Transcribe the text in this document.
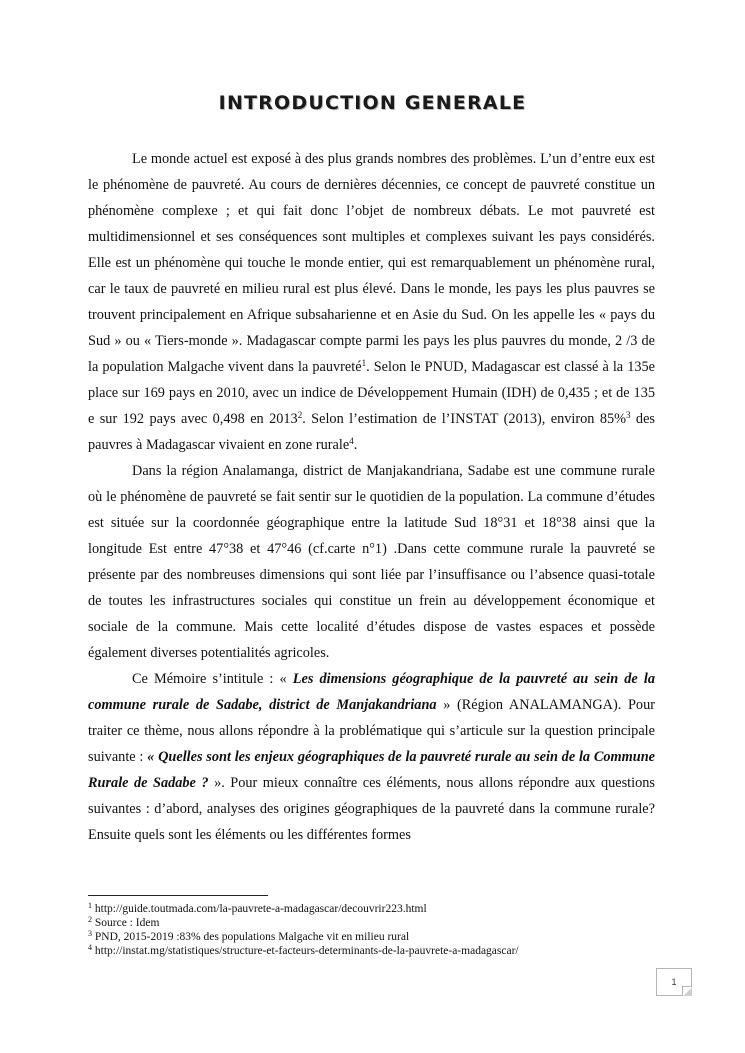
INTRODUCTION GENERALE

Le monde actuel est exposé à des plus grands nombres des problèmes. L’un d’entre eux est le phénomène de pauvreté. Au cours de dernières décennies, ce concept de pauvreté constitue un phénomène complexe ; et qui fait donc l’objet de nombreux débats. Le mot pauvreté est multidimensionnel et ses conséquences sont multiples et complexes suivant les pays considérés. Elle est un phénomène qui touche le monde entier, qui est remarquablement un phénomène rural, car le taux de pauvreté en milieu rural est plus élevé. Dans le monde, les pays les plus pauvres se trouvent principalement en Afrique subsaharienne et en Asie du Sud. On les appelle les « pays du Sud » ou « Tiers-monde ». Madagascar compte parmi les pays les plus pauvres du monde, 2 /3 de la population Malgache vivent dans la pauvreté$^1$. Selon le PNUD, Madagascar est classé à la 135e place sur 169 pays en 2010, avec un indice de Développement Humain (IDH) de 0,435 ; et de 135 e sur 192 pays avec 0,498 en 2013$^2$. Selon l’estimation de l’INSTAT (2013), environ 85%$^3$ des pauvres à Madagascar vivaient en zone rurale$^4$.

Dans la région Analamanga, district de Manjakandriana, Sadabe est une commune rurale où le phénomène de pauvreté se fait sentir sur le quotidien de la population. La commune d’études est située sur la coordonnée géographique entre la latitude Sud 18°31 et 18°38 ainsi que la longitude Est entre 47°38 et 47°46 (cf.carte n°1) .Dans cette commune rurale la pauvreté se présente par des nombreuses dimensions qui sont liée par l’insuffisance ou l’absence quasi-totale de toutes les infrastructures sociales qui constitue un frein au développement économique et sociale de la commune. Mais cette localité d’études dispose de vastes espaces et possède également diverses potentialités agricoles.

Ce Mémoire s’intitule : « Les dimensions géographique de la pauvreté au sein de la commune rurale de Sadabe, district de Manjakandriana » (Région ANALAMANGA). Pour traiter ce thème, nous allons répondre à la problématique qui s’articule sur la question principale suivante : « Quelles sont les enjeux géographiques de la pauvreté rurale au sein de la Commune Rurale de Sadabe ? ». Pour mieux connaître ces éléments, nous allons répondre aux questions suivantes : d’abord, analyses des origines géographiques de la pauvreté dans la commune rurale? Ensuite quels sont les éléments ou les différentes formes

$^1$ http://guide.toutmada.com/la-pauvrete-a-madagascar/decouvrir223.html
$^2$ Source : Idem
$^3$ PND, 2015-2019 :83% des populations Malgache vit en milieu rural
$^4$ http://instat.mg/statistiques/structure-et-facteurs-determinants-de-la-pauvrete-a-madagascar/
1
